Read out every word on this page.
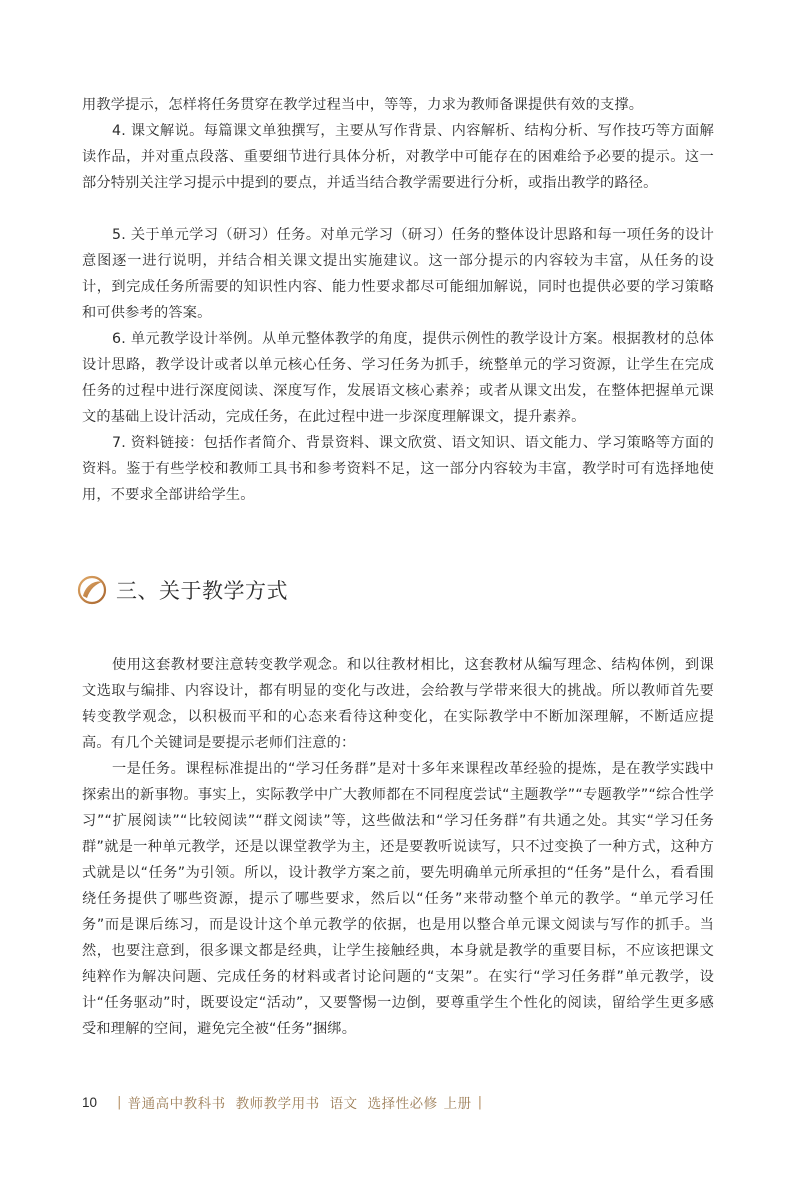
用教学提示，怎样将任务贯穿在教学过程当中，等等，力求为教师备课提供有效的支撑。

4. 课文解说。每篇课文单独撰写，主要从写作背景、内容解析、结构分析、写作技巧等方面解读作品，并对重点段落、重要细节进行具体分析，对教学中可能存在的困难给予必要的提示。这一部分特别关注学习提示中提到的要点，并适当结合教学需要进行分析，或指出教学的路径。

5. 关于单元学习（研习）任务。对单元学习（研习）任务的整体设计思路和每一项任务的设计意图逐一进行说明，并结合相关课文提出实施建议。这一部分提示的内容较为丰富，从任务的设计，到完成任务所需要的知识性内容、能力性要求都尽可能细加解说，同时也提供必要的学习策略和可供参考的答案。

6. 单元教学设计举例。从单元整体教学的角度，提供示例性的教学设计方案。根据教材的总体设计思路，教学设计或者以单元核心任务、学习任务为抓手，统整单元的学习资源，让学生在完成任务的过程中进行深度阅读、深度写作，发展语文核心素养；或者从课文出发，在整体把握单元课文的基础上设计活动，完成任务，在此过程中进一步深度理解课文，提升素养。

7. 资料链接：包括作者简介、背景资料、课文欣赏、语文知识、语文能力、学习策略等方面的资料。鉴于有些学校和教师工具书和参考资料不足，这一部分内容较为丰富，教学时可有选择地使用，不要求全部讲给学生。

三、关于教学方式

使用这套教材要注意转变教学观念。和以往教材相比，这套教材从编写理念、结构体例，到课文选取与编排、内容设计，都有明显的变化与改进，会给教与学带来很大的挑战。所以教师首先要转变教学观念，以积极而平和的心态来看待这种变化，在实际教学中不断加深理解，不断适应提高。有几个关键词是要提示老师们注意的：

一是任务。课程标准提出的“学习任务群”是对十多年来课程改革经验的提炼，是在教学实践中探索出的新事物。事实上，实际教学中广大教师都在不同程度尝试“主题教学”“专题教学”“综合性学习”“扩展阅读”“比较阅读”“群文阅读”等，这些做法和“学习任务群”有共通之处。其实“学习任务群”就是一种单元教学，还是以课堂教学为主，还是要教听说读写，只不过变换了一种方式，这种方式就是以“任务”为引领。所以，设计教学方案之前，要先明确单元所承担的“任务”是什么，看看围绕任务提供了哪些资源，提示了哪些要求，然后以“任务”来带动整个单元的教学。“单元学习任务”而是课后练习，而是设计这个单元教学的依据，也是用以整合单元课文阅读与写作的抓手。当然，也要注意到，很多课文都是经典，让学生接触经典，本身就是教学的重要目标，不应该把课文纯粹作为解决问题、完成任务的材料或者讨论问题的“支架”。在实行“学习任务群”单元教学，设计“任务驱动”时，既要设定“活动”，又要警惕一边倒，要尊重学生个性化的阅读，留给学生更多感受和理解的空间，避免完全被“任务”捆绑。

10 | 普通高中教科书 教师教学用书 语文 选择性必修 上册 |
